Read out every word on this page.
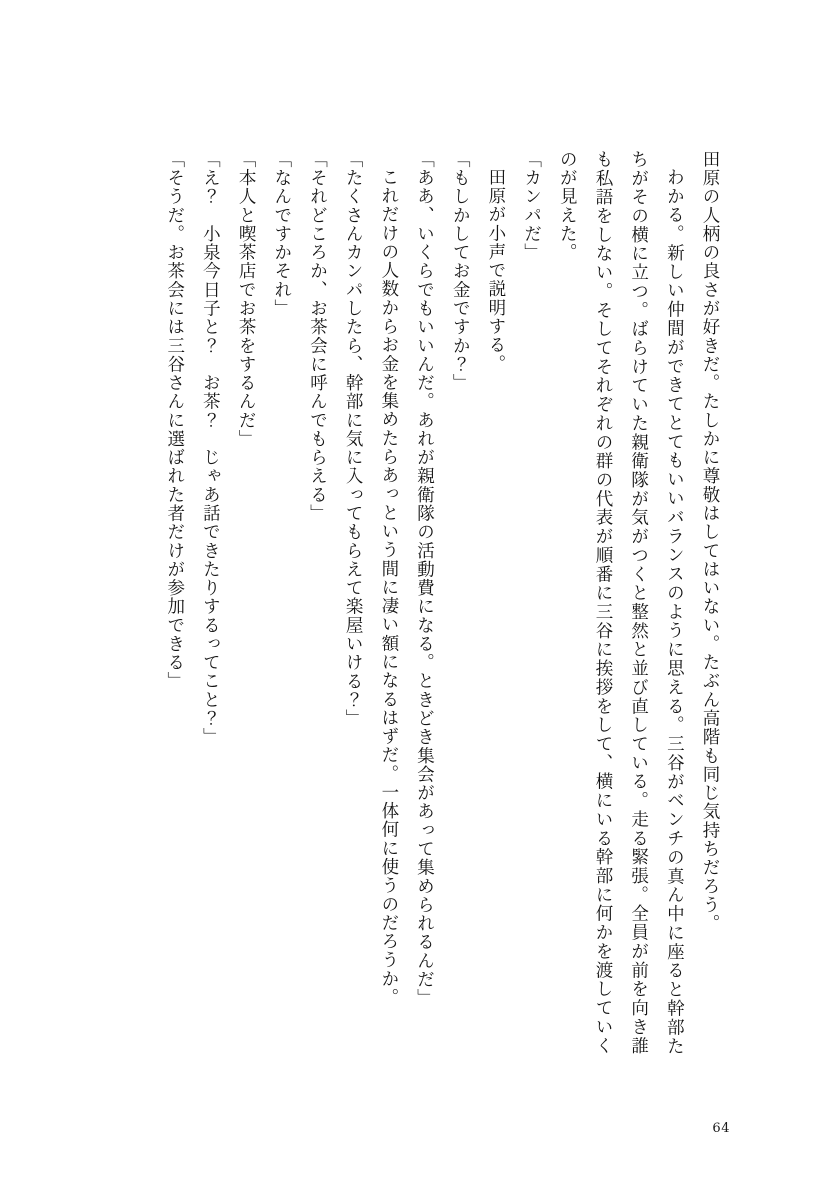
田原の人柄の良さが好きだ。たしかに尊敬はしてはいない。たぶん高階も同じ気持ちだろう。

わかる。新しい仲間ができてとてもいいバランスのように思える。三谷がベンチの真ん中に座ると幹部たちがその横に立つ。ばらけていた親衛隊が気がつくと整然と並び直している。走る緊張。全員が前を向き誰も私語をしない。そしてそれぞれの群の代表が順番に三谷に挨拶をして、横にいる幹部に何かを渡していくのが見えた。

「カンパだ」

田原が小声で説明する。

「もしかしてお金ですか？」

「ああ、いくらでもいいんだ。あれが親衛隊の活動費になる。ときどき集会があって集められるんだ」

これだけの人数からお金を集めたらあっという間に凄い額になるはずだ。一体何に使うのだろうか。

「たくさんカンパしたら、幹部に気に入ってもらえて楽屋いける？」

「それどころか、お茶会に呼んでもらえる」

「なんですかそれ」

「本人と喫茶店でお茶をするんだ」

「え？　小泉今日子と？　お茶？　じゃあ話できたりするってこと？」

「そうだ。お茶会には三谷さんに選ばれた者だけが参加できる」

64
